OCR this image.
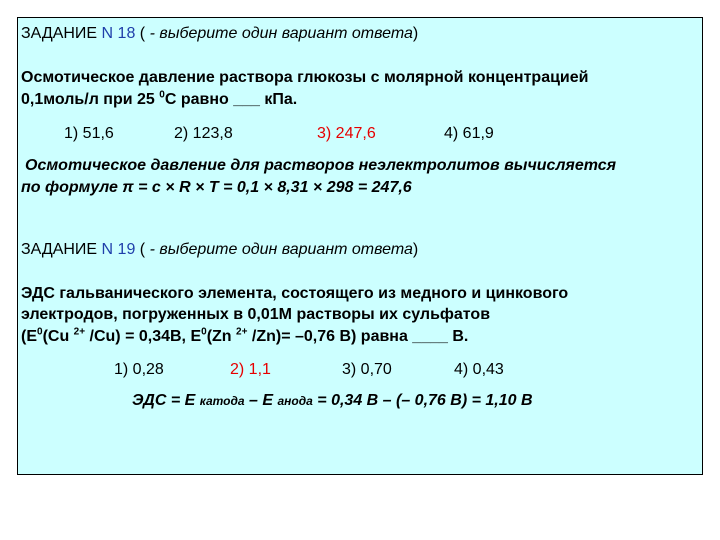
ЗАДАНИЕ N 18 ( - выберите один вариант ответа)
Осмотическое давление раствора глюкозы с молярной концентрацией
0,1моль/л при 25 $^0$С равно ___ кПа.
1) 51,6	2) 123,8	3) 247,6	4) 61,9
Осмотическое давление для растворов неэлектролитов вычисляется
по формуле π = с × R × T = 0,1 × 8,31 × 298 = 247,6
ЗАДАНИЕ N 19 ( - выберите один вариант ответа)
ЭДС гальванического элемента, состоящего из медного и цинкового
электродов, погруженных в 0,01М растворы их сульфатов
($E^0(Cu$ $^{2+}$ /Cu) = 0,34В, $E^0(Zn$ $^{2+}$ /Zn)= –0,76 В) равна ____ В.
1) 0,28	2) 1,1	3) 0,70	4) 0,43
ЭДС = Е катода – Е анода = 0,34 В – (– 0,76 В) = 1,10 В
